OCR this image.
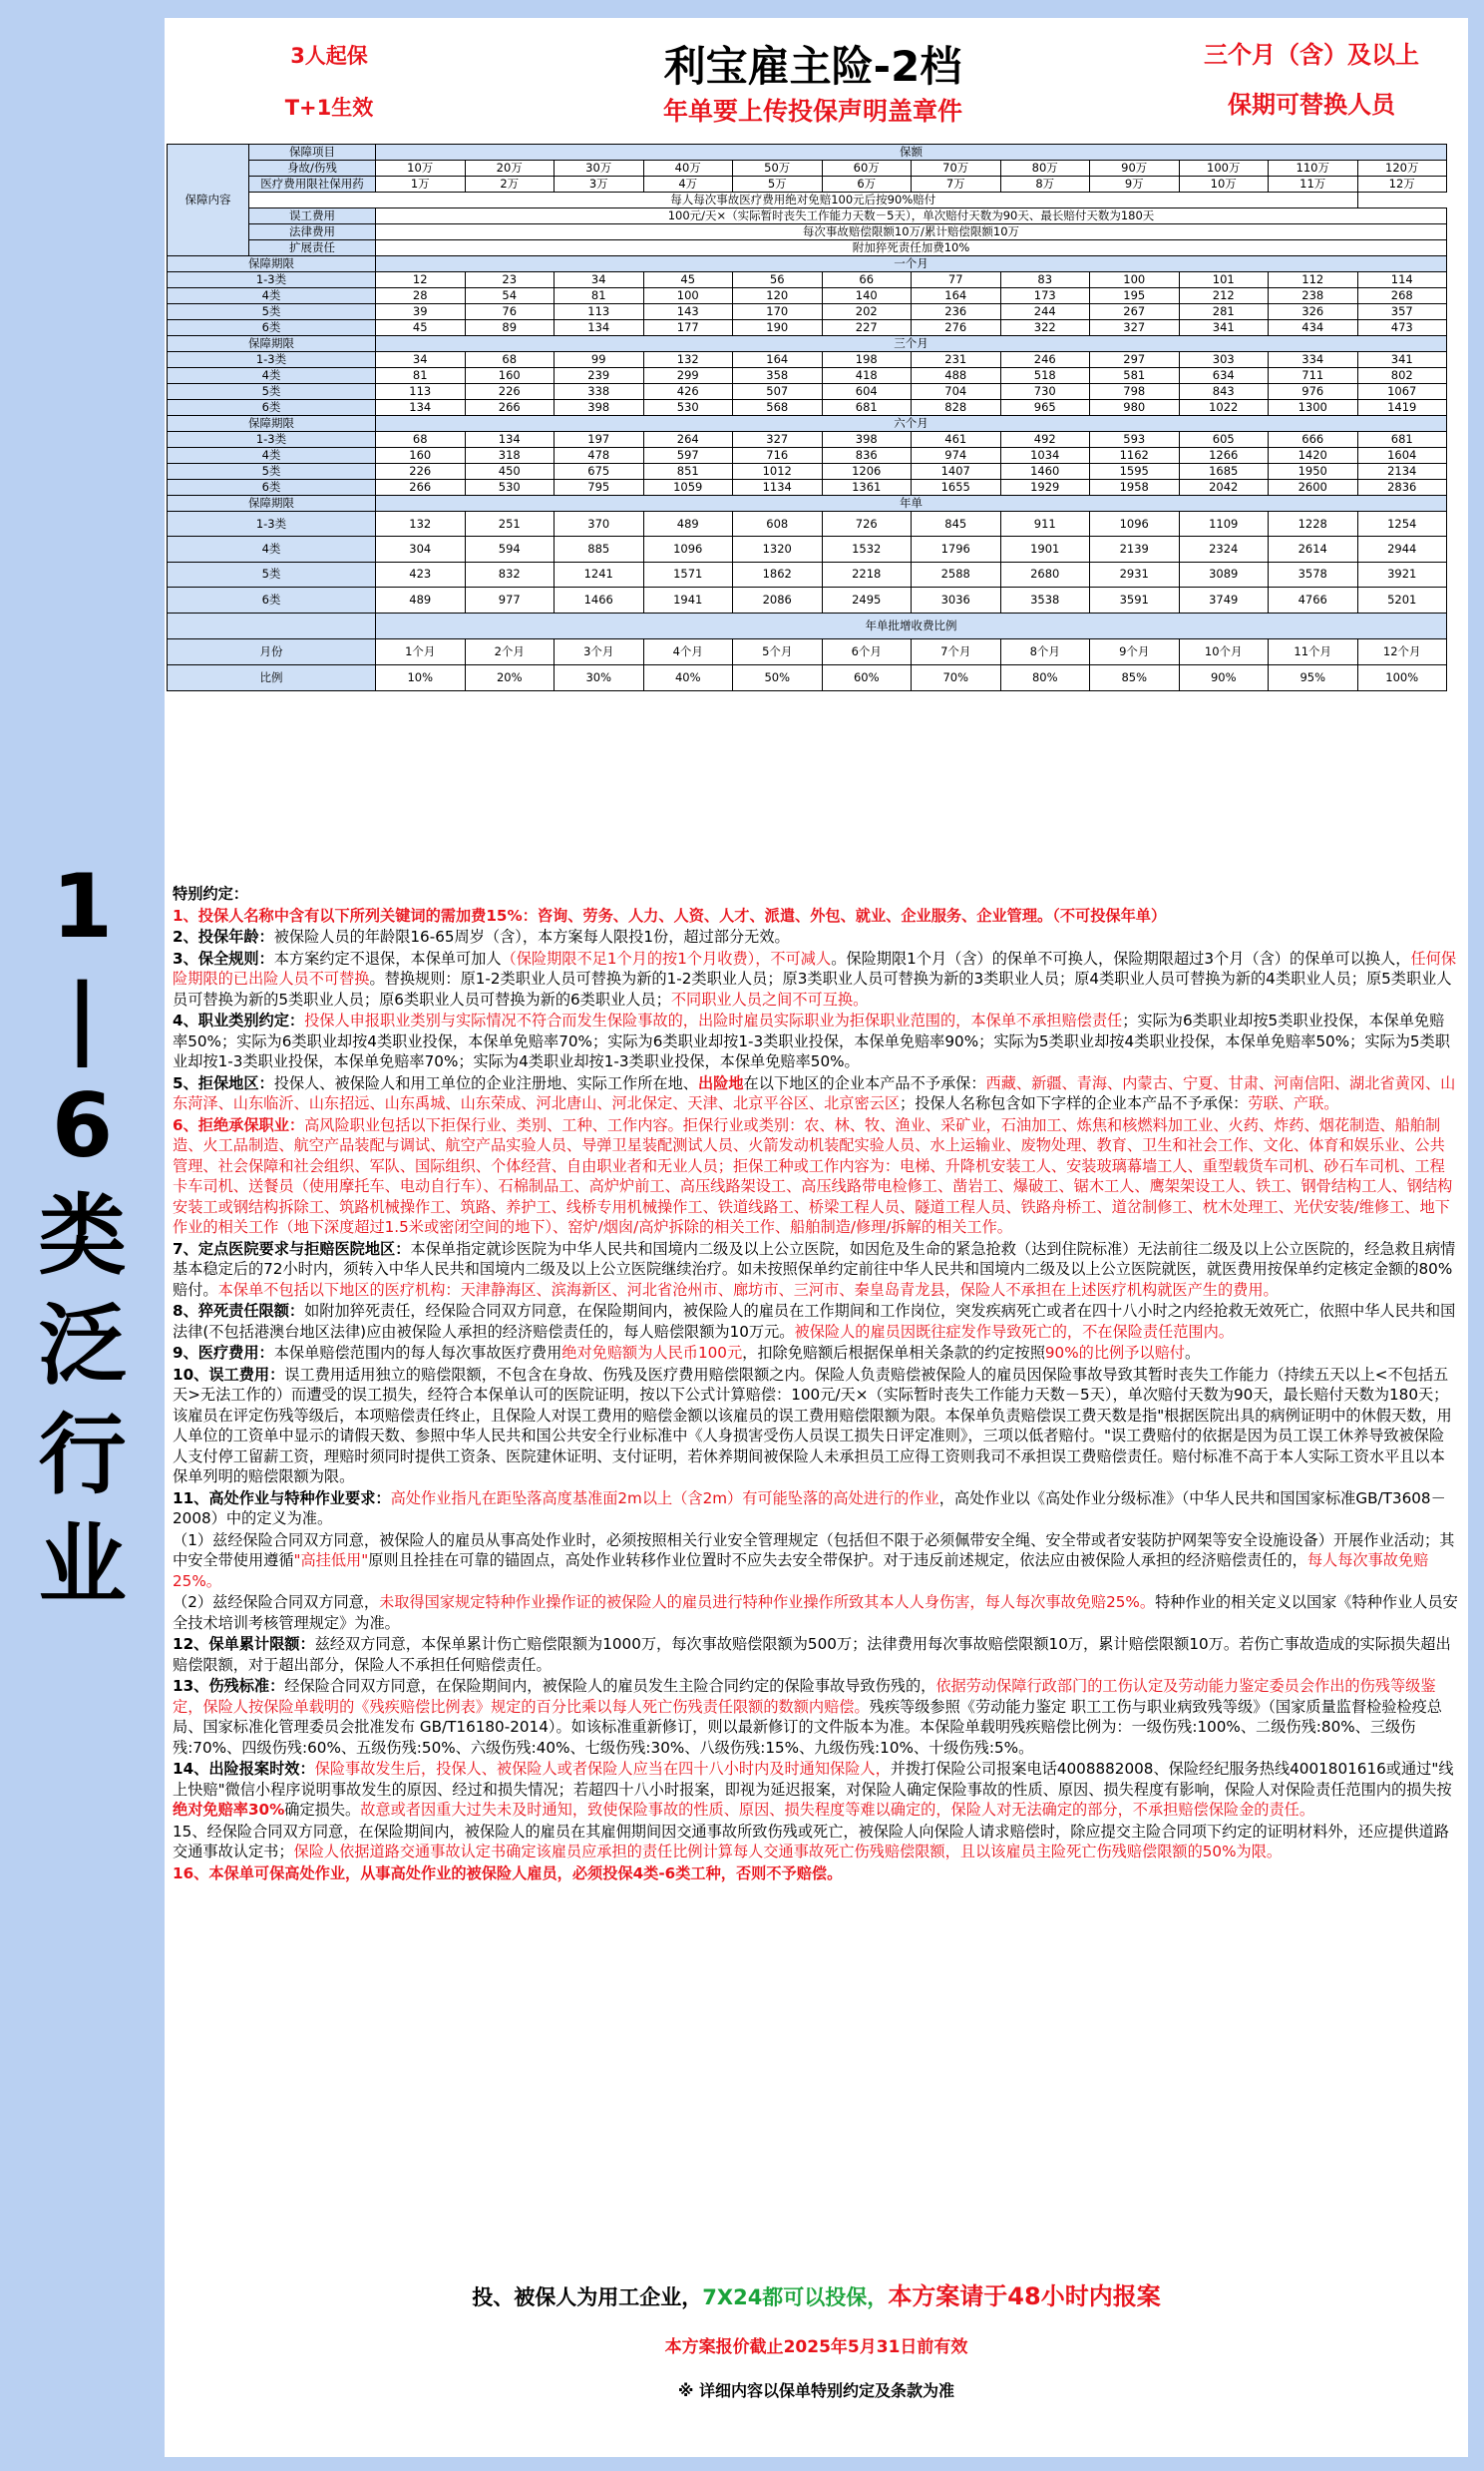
1
|
6
类
泛
行
业
3人起保
T+1生效
利宝雇主险-2档
年单要上传投保声明盖章件
三个月（含）及以上
保期可替换人员
保障内容	保障项目	保额											
	身故/伤残	10万	20万	30万	40万	50万	60万	70万	80万	90万	100万	110万	120万
	医疗费用限社保用药	1万	2万	3万	4万	5万	6万	7万	8万	9万	10万	11万	12万
	每人每次事故医疗费用绝对免赔100元后按90%赔付												
	误工费用	100元/天×（实际暂时丧失工作能力天数－5天），单次赔付天数为90天、最长赔付天数为180天											
	法律费用	每次事故赔偿限额10万/累计赔偿限额10万											
	扩展责任	附加猝死责任加费10%											
保障期限		一个月											
1-3类		12	23	34	45	56	66	77	83	100	101	112	114
4类		28	54	81	100	120	140	164	173	195	212	238	268
5类		39	76	113	143	170	202	236	244	267	281	326	357
6类		45	89	134	177	190	227	276	322	327	341	434	473
保障期限		三个月											
1-3类		34	68	99	132	164	198	231	246	297	303	334	341
4类		81	160	239	299	358	418	488	518	581	634	711	802
5类		113	226	338	426	507	604	704	730	798	843	976	1067
6类		134	266	398	530	568	681	828	965	980	1022	1300	1419
保障期限		六个月											
1-3类		68	134	197	264	327	398	461	492	593	605	666	681
4类		160	318	478	597	716	836	974	1034	1162	1266	1420	1604
5类		226	450	675	851	1012	1206	1407	1460	1595	1685	1950	2134
6类		266	530	795	1059	1134	1361	1655	1929	1958	2042	2600	2836
保障期限		年单											
1-3类		132	251	370	489	608	726	845	911	1096	1109	1228	1254
4类		304	594	885	1096	1320	1532	1796	1901	2139	2324	2614	2944
5类		423	832	1241	1571	1862	2218	2588	2680	2931	3089	3578	3921
6类		489	977	1466	1941	2086	2495	3036	3538	3591	3749	4766	5201
		年单批增收费比例											
月份		1个月	2个月	3个月	4个月	5个月	6个月	7个月	8个月	9个月	10个月	11个月	12个月
比例		10%	20%	30%	40%	50%	60%	70%	80%	85%	90%	95%	100%

特别约定：

1、投保人名称中含有以下所列关键词的需加费15%：咨询、劳务、人力、人资、人才、派遣、外包、就业、企业服务、企业管理。（不可投保年单）

2、投保年龄：被保险人员的年龄限16-65周岁（含），本方案每人限投1份，超过部分无效。

3、保全规则：本方案约定不退保，本保单可加人（保险期限不足1个月的按1个月收费），不可减人。保险期限1个月（含）的保单不可换人，保险期限超过3个月（含）的保单可以换人，任何保险期限的已出险人员不可替换。替换规则：原1-2类职业人员可替换为新的1-2类职业人员；原3类职业人员可替换为新的3类职业人员；原4类职业人员可替换为新的4类职业人员；原5类职业人员可替换为新的5类职业人员；原6类职业人员可替换为新的6类职业人员；不同职业人员之间不可互换。

4、职业类别约定：投保人申报职业类别与实际情况不符合而发生保险事故的，出险时雇员实际职业为拒保职业范围的，本保单不承担赔偿责任；实际为6类职业却按5类职业投保，本保单免赔率50%；实际为6类职业却按4类职业投保，本保单免赔率70%；实际为6类职业却按1-3类职业投保，本保单免赔率90%；实际为5类职业却按4类职业投保，本保单免赔率50%；实际为5类职业却按1-3类职业投保，本保单免赔率70%；实际为4类职业却按1-3类职业投保，本保单免赔率50%。

5、拒保地区：投保人、被保险人和用工单位的企业注册地、实际工作所在地、出险地在以下地区的企业本产品不予承保：西藏、新疆、青海、内蒙古、宁夏、甘肃、河南信阳、湖北省黄冈、山东菏泽、山东临沂、山东招远、山东禹城、山东荣成、河北唐山、河北保定、天津、北京平谷区、北京密云区；投保人名称包含如下字样的企业本产品不予承保：劳联、产联。

6、拒绝承保职业：高风险职业包括以下拒保行业、类别、工种、工作内容。拒保行业或类别：农、林、牧、渔业、采矿业，石油加工、炼焦和核燃料加工业、火药、炸药、烟花制造、船舶制造、火工品制造、航空产品装配与调试、航空产品实验人员、导弹卫星装配测试人员、火箭发动机装配实验人员、水上运输业、废物处理、教育、卫生和社会工作、文化、体育和娱乐业、公共管理、社会保障和社会组织、军队、国际组织、个体经营、自由职业者和无业人员；拒保工种或工作内容为：电梯、升降机安装工人、安装玻璃幕墙工人、重型载货车司机、砂石车司机、工程卡车司机、送餐员（使用摩托车、电动自行车）、石棉制品工、高炉炉前工、高压线路架设工、高压线路带电检修工、凿岩工、爆破工、锯木工人、鹰架架设工人、铁工、钢骨结构工人、钢结构安装工或钢结构拆除工、筑路机械操作工、筑路、养护工、线桥专用机械操作工、铁道线路工、桥梁工程人员、隧道工程人员、铁路舟桥工、道岔制修工、枕木处理工、光伏安装/维修工、地下作业的相关工作（地下深度超过1.5米或密闭空间的地下）、窑炉/烟囱/高炉拆除的相关工作、船舶制造/修理/拆解的相关工作。

7、定点医院要求与拒赔医院地区：本保单指定就诊医院为中华人民共和国境内二级及以上公立医院，如因危及生命的紧急抢救（达到住院标准）无法前往二级及以上公立医院的，经急救且病情基本稳定后的72小时内，须转入中华人民共和国境内二级及以上公立医院继续治疗。如未按照保单约定前往中华人民共和国境内二级及以上公立医院就医，就医费用按保单约定核定金额的80%赔付。本保单不包括以下地区的医疗机构：天津静海区、滨海新区、河北省沧州市、廊坊市、三河市、秦皇岛青龙县，保险人不承担在上述医疗机构就医产生的费用。

8、猝死责任限额：如附加猝死责任，经保险合同双方同意，在保险期间内，被保险人的雇员在工作期间和工作岗位，突发疾病死亡或者在四十八小时之内经抢救无效死亡，依照中华人民共和国法律(不包括港澳台地区法律)应由被保险人承担的经济赔偿责任的，每人赔偿限额为10万元。被保险人的雇员因既往症发作导致死亡的，不在保险责任范围内。

9、医疗费用：本保单赔偿范围内的每人每次事故医疗费用绝对免赔额为人民币100元，扣除免赔额后根据保单相关条款的约定按照90%的比例予以赔付。

10、误工费用：误工费用适用独立的赔偿限额，不包含在身故、伤残及医疗费用赔偿限额之内。保险人负责赔偿被保险人的雇员因保险事故导致其暂时丧失工作能力（持续五天以上<不包括五天>无法工作的）而遭受的误工损失，经符合本保单认可的医院证明，按以下公式计算赔偿：100元/天×（实际暂时丧失工作能力天数－5天），单次赔付天数为90天，最长赔付天数为180天；该雇员在评定伤残等级后，本项赔偿责任终止，且保险人对误工费用的赔偿金额以该雇员的误工费用赔偿限额为限。本保单负责赔偿误工费天数是指"根据医院出具的病例证明中的休假天数，用人单位的工资单中显示的请假天数、参照中华人民共和国公共安全行业标准中《人身损害受伤人员误工损失日评定准则》，三项以低者赔付。"误工费赔付的依据是因为员工误工休养导致被保险人支付停工留薪工资，理赔时须同时提供工资条、医院建休证明、支付证明，若休养期间被保险人未承担员工应得工资则我司不承担误工费赔偿责任。赔付标准不高于本人实际工资水平且以本保单列明的赔偿限额为限。

11、高处作业与特种作业要求：高处作业指凡在距坠落高度基准面2m以上（含2m）有可能坠落的高处进行的作业，高处作业以《高处作业分级标准》（中华人民共和国国家标准GB/T3608－2008）中的定义为准。

（1）兹经保险合同双方同意，被保险人的雇员从事高处作业时，必须按照相关行业安全管理规定（包括但不限于必须佩带安全绳、安全带或者安装防护网架等安全设施设备）开展作业活动；其中安全带使用遵循"高挂低用"原则且拴挂在可靠的锚固点，高处作业转移作业位置时不应失去安全带保护。对于违反前述规定，依法应由被保险人承担的经济赔偿责任的，每人每次事故免赔25%。

（2）兹经保险合同双方同意，未取得国家规定特种作业操作证的被保险人的雇员进行特种作业操作所致其本人人身伤害，每人每次事故免赔25%。特种作业的相关定义以国家《特种作业人员安全技术培训考核管理规定》为准。

12、保单累计限额：兹经双方同意，本保单累计伤亡赔偿限额为1000万，每次事故赔偿限额为500万；法律费用每次事故赔偿限额10万，累计赔偿限额10万。若伤亡事故造成的实际损失超出赔偿限额，对于超出部分，保险人不承担任何赔偿责任。

13、伤残标准：经保险合同双方同意，在保险期间内，被保险人的雇员发生主险合同约定的保险事故导致伤残的，依据劳动保障行政部门的工伤认定及劳动能力鉴定委员会作出的伤残等级鉴定，保险人按保险单载明的《残疾赔偿比例表》规定的百分比乘以每人死亡伤残责任限额的数额内赔偿。残疾等级参照《劳动能力鉴定 职工工伤与职业病致残等级》（国家质量监督检验检疫总局、国家标准化管理委员会批准发布 GB/T16180-2014）。如该标准重新修订，则以最新修订的文件版本为准。本保险单载明残疾赔偿比例为：一级伤残:100%、二级伤残:80%、三级伤残:70%、四级伤残:60%、五级伤残:50%、六级伤残:40%、七级伤残:30%、八级伤残:15%、九级伤残:10%、十级伤残:5%。

14、出险报案时效：保险事故发生后，投保人、被保险人或者保险人应当在四十八小时内及时通知保险人，并拨打保险公司报案电话4008882008、保险经纪服务热线4001801616或通过"线上快赔"微信小程序说明事故发生的原因、经过和损失情况；若超四十八小时报案，即视为延迟报案，对保险人确定保险事故的性质、原因、损失程度有影响，保险人对保险责任范围内的损失按绝对免赔率30%确定损失。故意或者因重大过失未及时通知，致使保险事故的性质、原因、损失程度等难以确定的，保险人对无法确定的部分，不承担赔偿保险金的责任。

15、经保险合同双方同意，在保险期间内，被保险人的雇员在其雇佣期间因交通事故所致伤残或死亡，被保险人向保险人请求赔偿时，除应提交主险合同项下约定的证明材料外，还应提供道路交通事故认定书；保险人依据道路交通事故认定书确定该雇员应承担的责任比例计算每人交通事故死亡伤残赔偿限额，且以该雇员主险死亡伤残赔偿限额的50%为限。

16、本保单可保高处作业，从事高处作业的被保险人雇员，必须投保4类-6类工种，否则不予赔偿。

投、被保人为用工企业，7X24都可以投保，本方案请于48小时内报案
本方案报价截止2025年5月31日前有效
※ 详细内容以保单特别约定及条款为准
